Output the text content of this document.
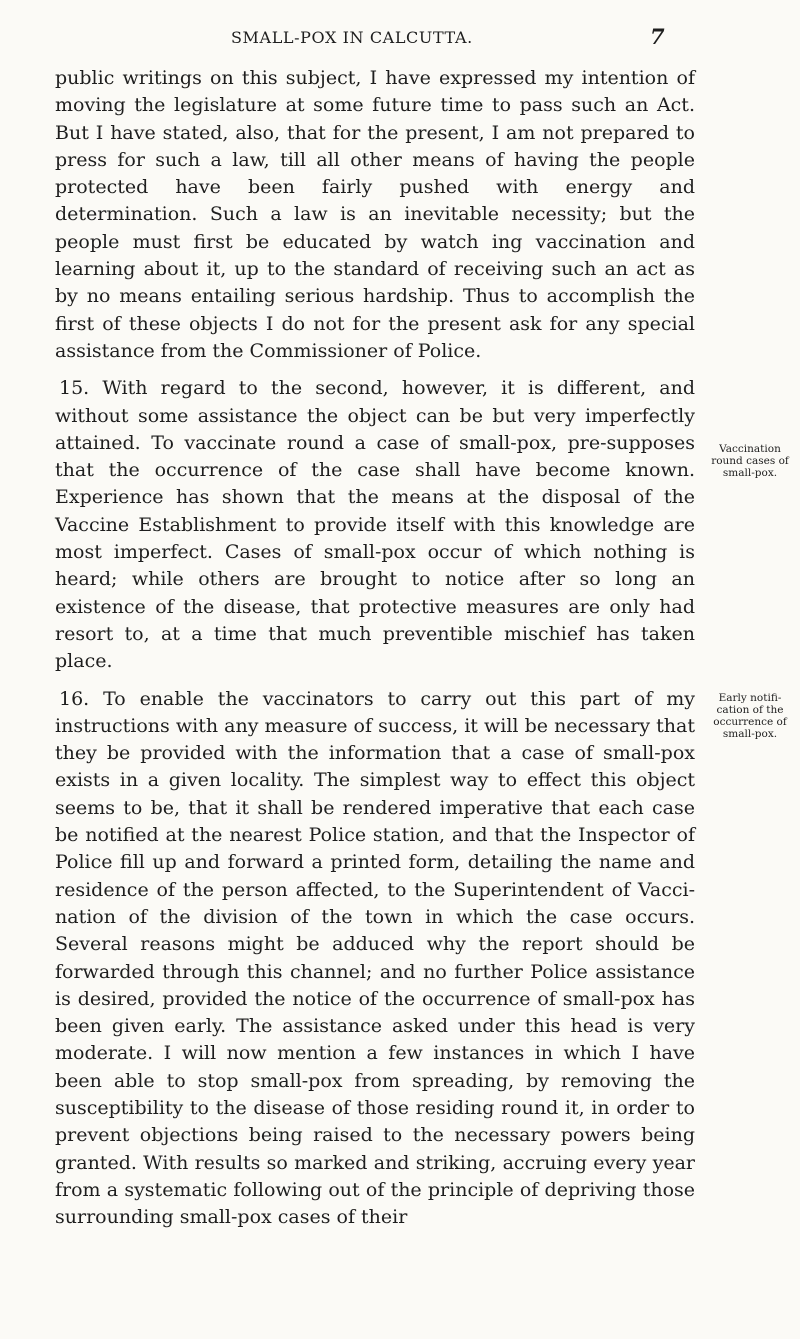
SMALL-POX IN CALCUTTA.	7

public writings on this subject, I have expressed my intention of moving the legislature at some future time to pass such an Act. But I have stated, also, that for the present, I am not prepared to press for such a law, till all other means of having the people protected have been fairly pushed with energy and determination. Such a law is an inevitable necessity; but the people must first be educated by watch ing vaccination and learning about it, up to the standard of receiving such an act as by no means entailing serious hardship. Thus to accomplish the first of these objects I do not for the present ask for any special assistance from the Commissioner of Police.

15. With regard to the second, however, it is different, and without some assistance the object can be but very imperfectly attained. To vaccinate round a case of small-pox, pre-supposes that the occurrence of the case shall have become known. Experience has shown that the means at the disposal of the Vaccine Establishment to provide itself with this knowledge are most imperfect. Cases of small-pox occur of which nothing is heard; while others are brought to notice after so long an existence of the disease, that protective measures are only had resort to, at a time that much preventible mischief has taken place.

16. To enable the vaccinators to carry out this part of my instructions with any measure of success, it will be necessary that they be provided with the information that a case of small-pox exists in a given locality. The simplest way to effect this object seems to be, that it shall be rendered imperative that each case be notified at the nearest Police station, and that the Inspector of Police fill up and forward a printed form, detailing the name and residence of the person affected, to the Superintendent of Vacci- nation of the division of the town in which the case occurs. Several reasons might be adduced why the report should be forwarded through this channel; and no further Police assistance is desired, provided the notice of the occurrence of small-pox has been given early. The assistance asked under this head is very moderate. I will now mention a few instances in which I have been able to stop small-pox from spreading, by removing the susceptibility to the disease of those residing round it, in order to prevent objections being raised to the necessary powers being granted. With results so marked and striking, accruing every year from a systematic following out of the principle of depriving those surrounding small-pox cases of their

Vaccination round cases of small-pox.
Early notifi- cation of the occurrence of small-pox.
